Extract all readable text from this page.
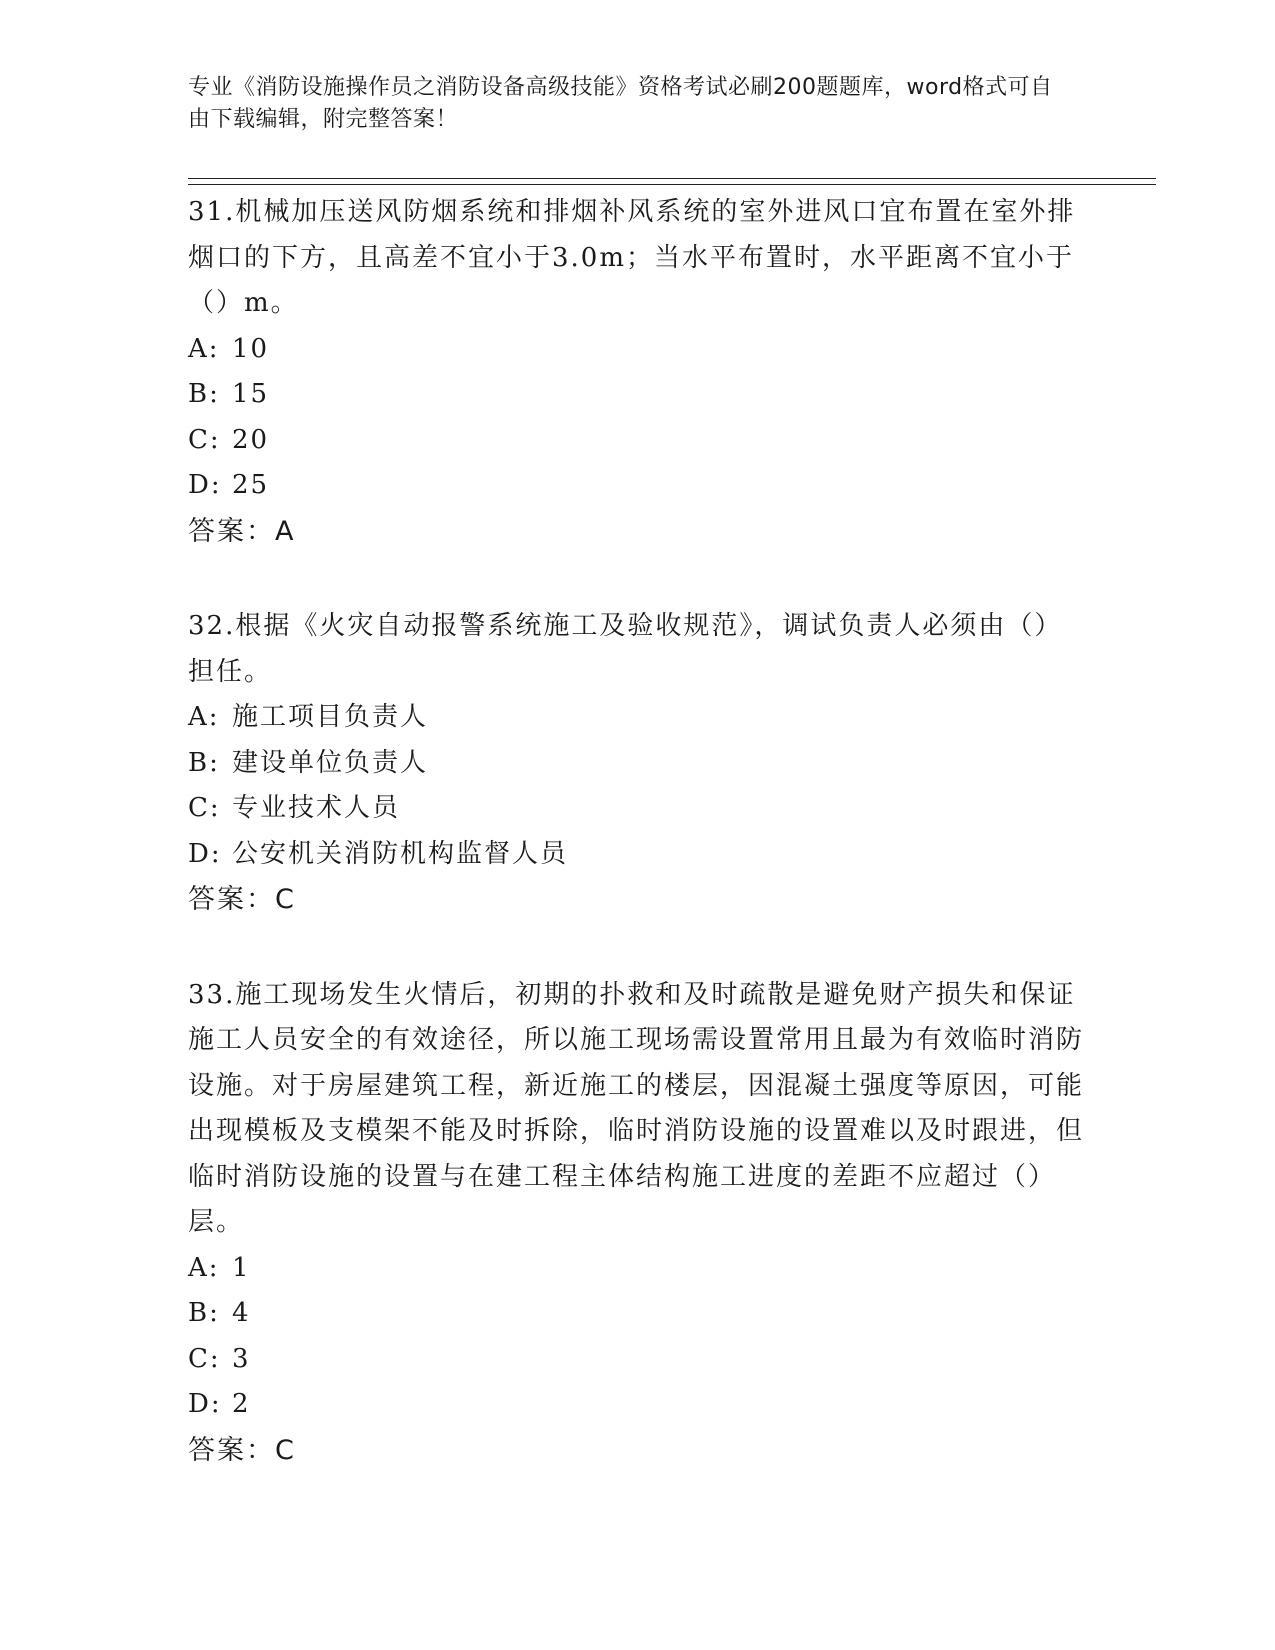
专业《消防设施操作员之消防设备高级技能》资格考试必刷200题题库，word格式可自由下载编辑，附完整答案！

31.机械加压送风防烟系统和排烟补风系统的室外进风口宜布置在室外排烟口的下方，且高差不宜小于3.0m；当水平布置时，水平距离不宜小于（）m。

A: 10

B: 15

C: 20

D: 25

答案：A

32.根据《火灾自动报警系统施工及验收规范》，调试负责人必须由（）担任。

A: 施工项目负责人

B: 建设单位负责人

C: 专业技术人员

D: 公安机关消防机构监督人员

答案：C

33.施工现场发生火情后，初期的扑救和及时疏散是避免财产损失和保证施工人员安全的有效途径，所以施工现场需设置常用且最为有效临时消防设施。对于房屋建筑工程，新近施工的楼层，因混凝土强度等原因，可能出现模板及支模架不能及时拆除，临时消防设施的设置难以及时跟进，但临时消防设施的设置与在建工程主体结构施工进度的差距不应超过（）层。

A: 1

B: 4

C: 3

D: 2

答案：C
